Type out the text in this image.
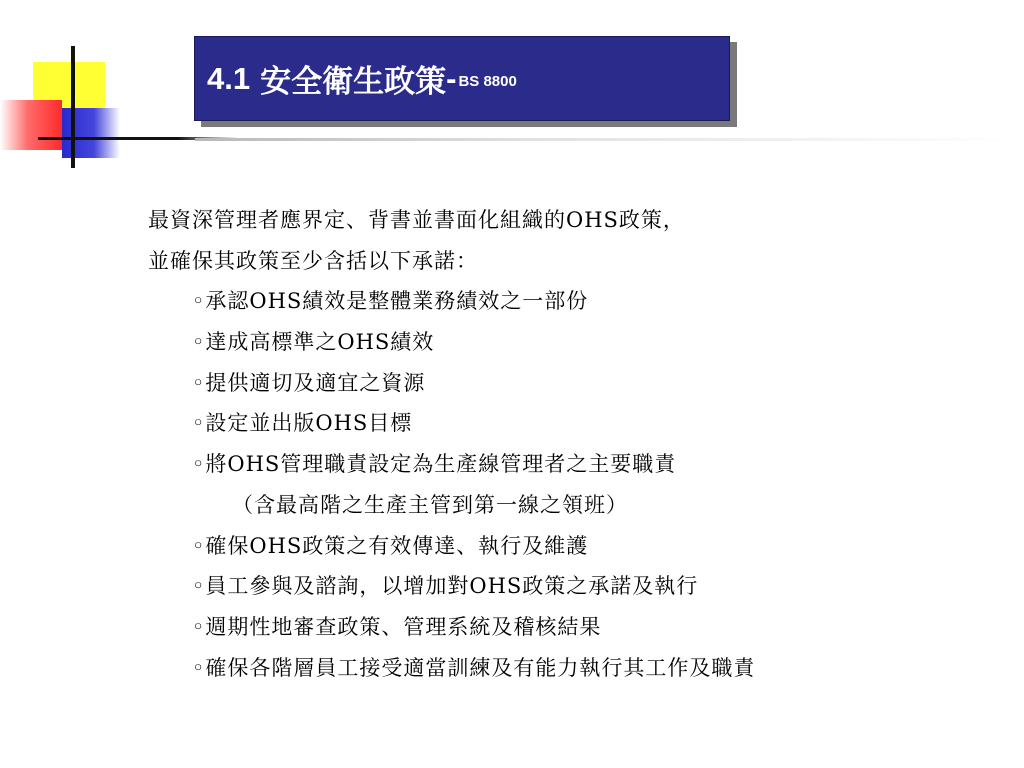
4.1 安全衛生政策 - BS 8800
最資深管理者應界定、背書並書面化組織的OHS政策，
並確保其政策至少含括以下承諾：
◦承認OHS績效是整體業務績效之一部份
◦達成高標準之OHS績效
◦提供適切及適宜之資源
◦設定並出版OHS目標
◦將OHS管理職責設定為生產線管理者之主要職責
（含最高階之生產主管到第一線之領班）
◦確保OHS政策之有效傳達、執行及維護
◦員工參與及諮詢，以增加對OHS政策之承諾及執行
◦週期性地審查政策、管理系統及稽核結果
◦確保各階層員工接受適當訓練及有能力執行其工作及職責
